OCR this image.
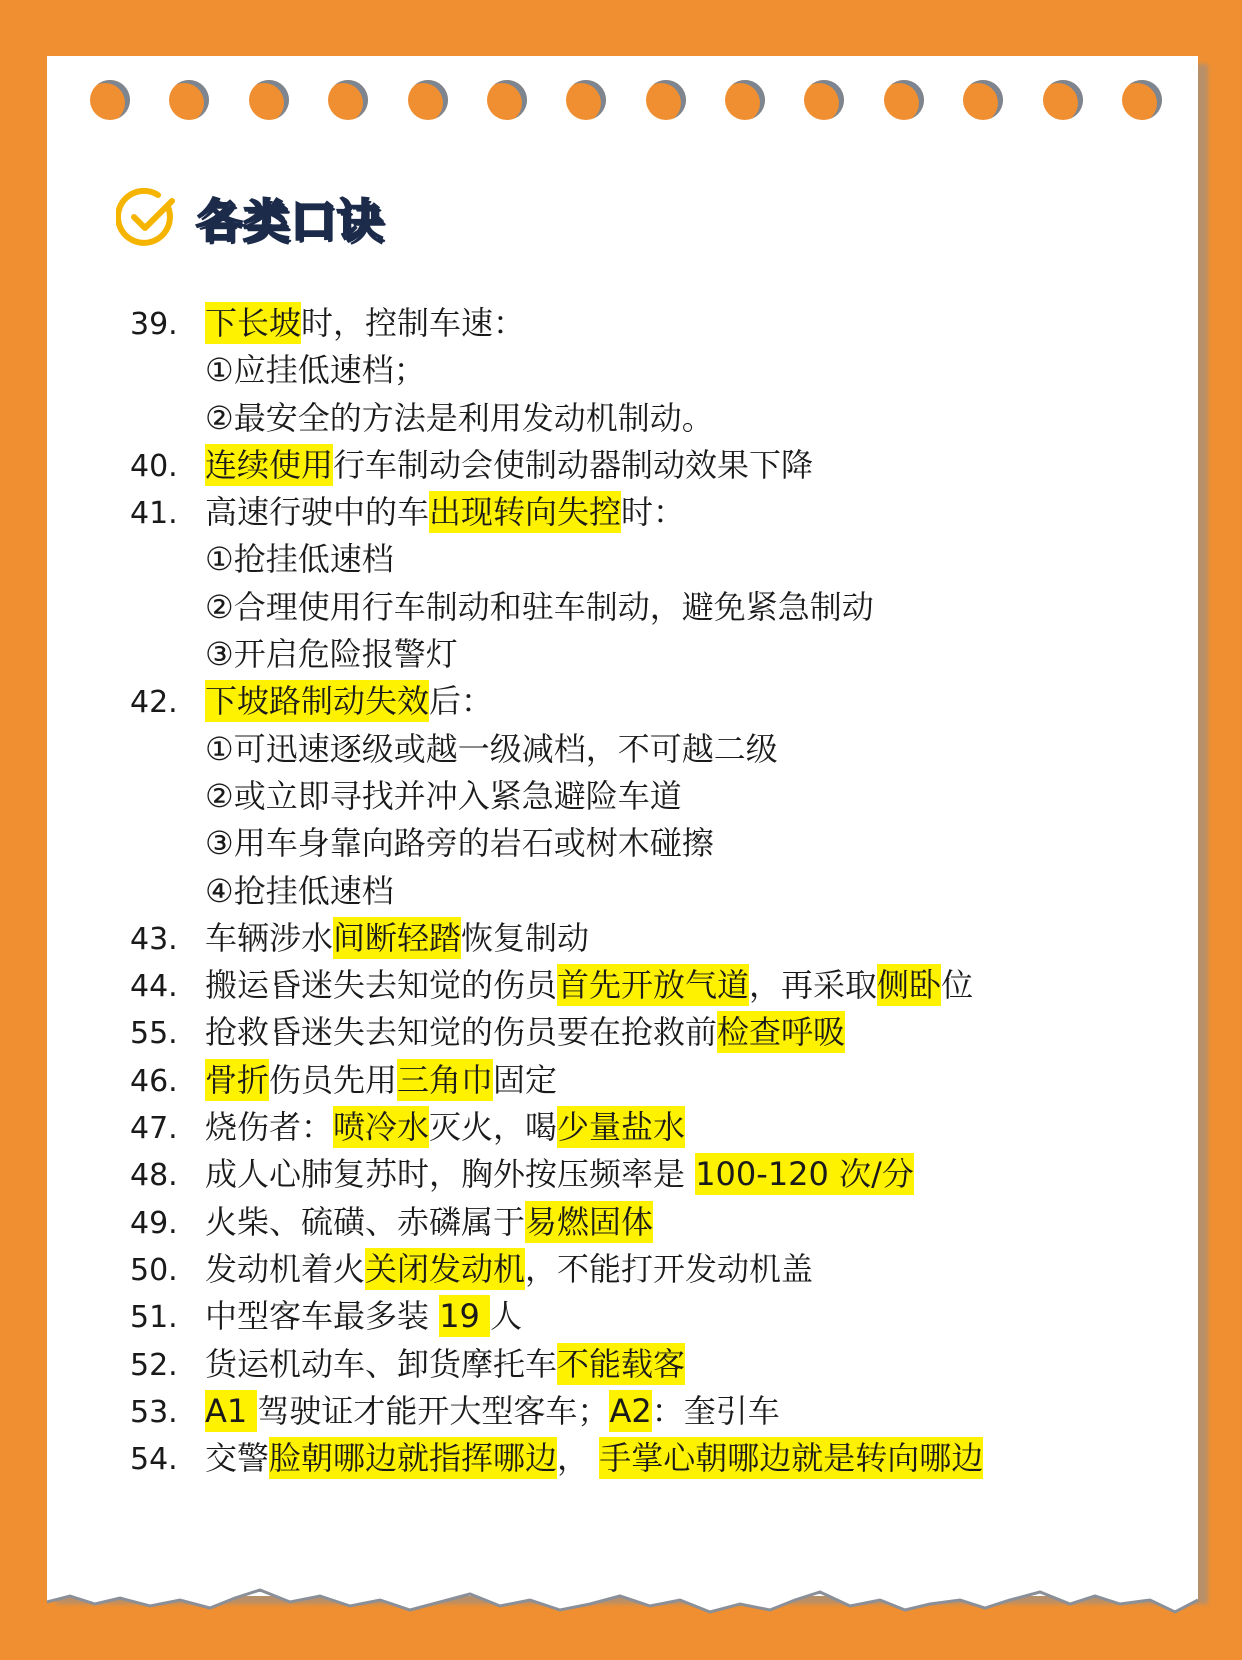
各类口诀
39. 下长坡时，控制车速：
①应挂低速档；
②最安全的方法是利用发动机制动。
40. 连续使用行车制动会使制动器制动效果下降
41. 高速行驶中的车出现转向失控时：
①抢挂低速档
②合理使用行车制动和驻车制动，避免紧急制动
③开启危险报警灯
42. 下坡路制动失效后：
①可迅速逐级或越一级减档，不可越二级
②或立即寻找并冲入紧急避险车道
③用车身靠向路旁的岩石或树木碰擦
④抢挂低速档
43. 车辆涉水间断轻踏恢复制动
44. 搬运昏迷失去知觉的伤员首先开放气道，再采取侧卧位
55. 抢救昏迷失去知觉的伤员要在抢救前检查呼吸
46. 骨折伤员先用三角巾固定
47. 烧伤者：喷冷水灭火，喝少量盐水
48. 成人心肺复苏时，胸外按压频率是 100-120 次/分
49. 火柴、硫磺、赤磷属于易燃固体
50. 发动机着火关闭发动机，不能打开发动机盖
51. 中型客车最多装 19 人
52. 货运机动车、卸货摩托车不能载客
53. A1 驾驶证才能开大型客车；A2：奎引车
54. 交警脸朝哪边就指挥哪边， 手掌心朝哪边就是转向哪边
